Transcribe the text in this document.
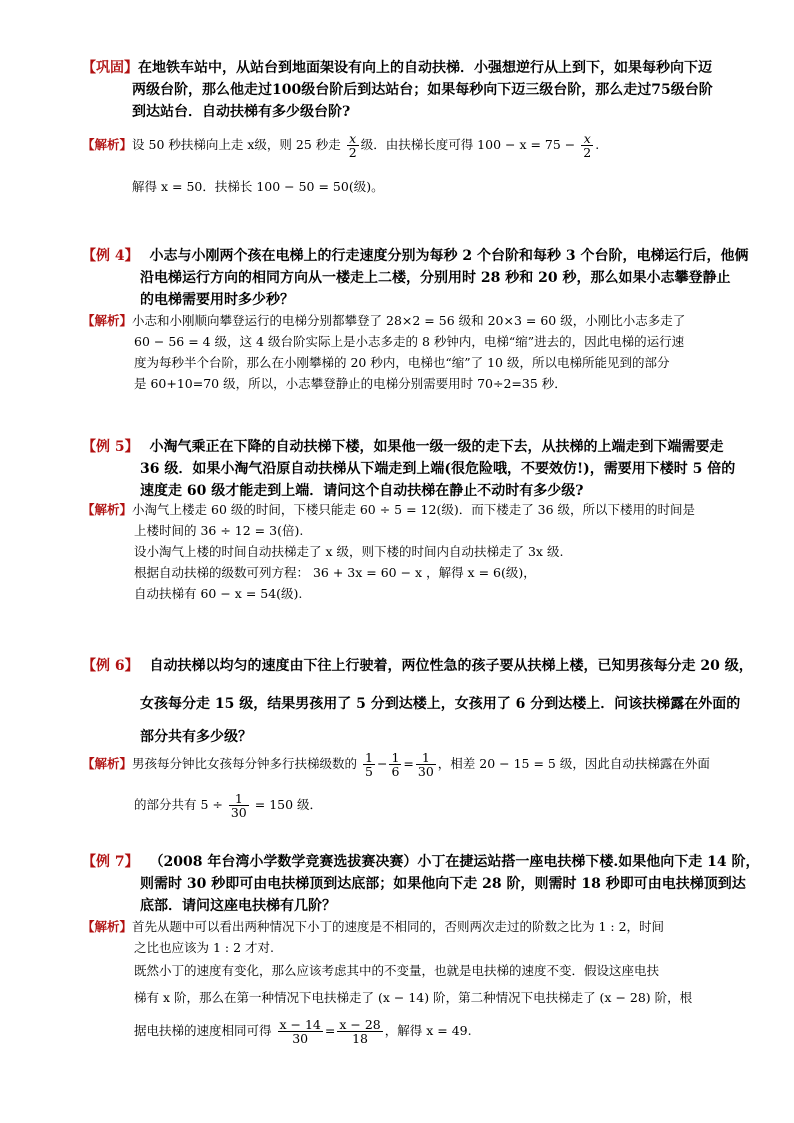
【巩固】在地铁车站中，从站台到地面架设有向上的自动扶梯．小强想逆行从上到下，如果每秒向下迈
两级台阶，那么他走过100级台阶后到达站台；如果每秒向下迈三级台阶，那么走过75级台阶
到达站台．自动扶梯有多少级台阶?
【解析】设 50 秒扶梯向上走 x级，则 25 秒走 $\frac{x}{2}$ 级．由扶梯长度可得 $100 - x = 75 - \frac{x}{2}$ .
解得 x = 50．扶梯长 100 − 50 = 50(级)。
【例 4】 小志与小刚两个孩在电梯上的行走速度分别为每秒 2 个台阶和每秒 3 个台阶，电梯运行后，他俩
沿电梯运行方向的相同方向从一楼走上二楼，分别用时 28 秒和 20 秒，那么如果小志攀登静止
的电梯需要用时多少秒？
【解析】小志和小刚顺向攀登运行的电梯分别都攀登了 28×2 = 56 级和 20×3 = 60 级，小刚比小志多走了
60 − 56 = 4 级，这 4 级台阶实际上是小志多走的 8 秒钟内，电梯“缩”进去的，因此电梯的运行速
度为每秒半个台阶，那么在小刚攀梯的 20 秒内，电梯也“缩”了 10 级，所以电梯所能见到的部分
是 60+10=70 级，所以，小志攀登静止的电梯分别需要用时 70÷2=35 秒．
【例 5】 小淘气乘正在下降的自动扶梯下楼，如果他一级一级的走下去，从扶梯的上端走到下端需要走
36 级．如果小淘气沿原自动扶梯从下端走到上端(很危险哦，不要效仿!)，需要用下楼时 5 倍的
速度走 60 级才能走到上端．请问这个自动扶梯在静止不动时有多少级?
【解析】小淘气上楼走 60 级的时间，下楼只能走 60 ÷ 5 = 12(级)．而下楼走了 36 级，所以下楼用的时间是
上楼时间的 36 ÷ 12 = 3(倍).
设小淘气上楼的时间自动扶梯走了 x 级，则下楼的时间内自动扶梯走了 3x 级.
根据自动扶梯的级数可列方程： 36 + 3x = 60 − x ，解得 x = 6(级)，
自动扶梯有 60 − x = 54(级).
【例 6】 自动扶梯以均匀的速度由下往上行驶着，两位性急的孩子要从扶梯上楼，已知男孩每分走 20 级，
女孩每分走 15 级，结果男孩用了 5 分到达楼上，女孩用了 6 分到达楼上．问该扶梯露在外面的
部分共有多少级？
【解析】男孩每分钟比女孩每分钟多行扶梯级数的 $\frac{1}{5} - \frac{1}{6} = \frac{1}{30}$ ，相差 20 − 15 = 5 级，因此自动扶梯露在外面
的部分共有 $5 \div \frac{1}{30} = 150$ 级．
【例 7】 （2008 年台湾小学数学竞赛选拔赛决赛）小丁在捷运站搭一座电扶梯下楼.如果他向下走 14 阶，
则需时 30 秒即可由电扶梯顶到达底部；如果他向下走 28 阶，则需时 18 秒即可由电扶梯顶到达
底部．请问这座电扶梯有几阶？
【解析】首先从题中可以看出两种情况下小丁的速度是不相同的，否则两次走过的阶数之比为 1 : 2，时间
之比也应该为 1 : 2 才对.
既然小丁的速度有变化，那么应该考虑其中的不变量，也就是电扶梯的速度不变．假设这座电扶
梯有 x 阶，那么在第一种情况下电扶梯走了 (x − 14) 阶，第二种情况下电扶梯走了 (x − 28) 阶，根
据电扶梯的速度相同可得 $\frac{x - 14}{30} = \frac{x - 28}{18}$ ，解得 x = 49.
